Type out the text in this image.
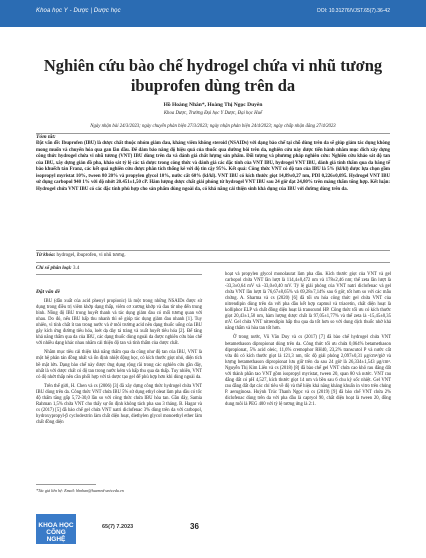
Khoa học Y - Dược | Dược học	DOI: 10.31276/VJST.65(7).36-42
Nghiên cứu bào chế hydrogel chứa vi nhũ tương ibuprofen dùng trên da
Hồ Hoàng Nhân*, Hoàng Thị Ngọc Duyên
Khoa Dược, Trường Đại học Y Dược, Đại học Huế
Ngày nhận bài 24/3/2023; ngày chuyển phản biện 27/3/2023; ngày nhận phản biện 24/4/2023; ngày chấp nhận đăng 27/4/2023
Tóm tắt:
Đặt vấn đề: Ibuprofen (IBU) là dược chất thuộc nhóm giảm đau, kháng viêm không steroid (NSAIDs) với dạng bào chế tại chỗ dùng trên da sẽ giúp giảm tác dụng không mong muốn và chuyển hóa qua gan lần đầu. Để đảm bảo nâng độ hiệu quả của thuốc qua đường bôi trên da, nghiên cứu này được tiến hành nhằm mục đích xây dựng công thức hydrogel chứa vi nhũ tương (VNT) IBU dùng trên da và đánh giá chất lượng sản phẩm. Đối tượng và phương pháp nghiên cứu: Nghiên cứu khảo sát độ tan của IBU, xây dựng giản đồ pha, khảo sát tỷ lệ các tá dược trong công thức và đánh giá các đặc tính của VNT IBU, hydrogel VNT IBU, đánh giá tính thấm qua da bằng tế bào khuếch tán Franz, các kết quả nghiên cứu được phân tích thống kê với độ tin cậy 95%. Kết quả: Công thức VNT có độ tan của IBU là 5% (kl/kl) được lựa chọn gồm isopropyl myristat 10%, tween 80 20% và propylen glycol 10%, nước cất 60% (kl/kl). VNT IBU có kích thước giọt 14,89±0,27 nm, PDI 0,226±0,095. Hydrogel VNT IBU sử dụng carbopol 940 1% với độ nhớt 20.451±1,50 cP. Hàm lượng dược chất giải phóng từ hydrogel VNT IBU sau 24 giờ đạt 24,80% trên màng thấm tổng hợp. Kết luận: Hydrogel chứa VNT IBU có các đặc tính phù hợp cho sản phẩm dùng ngoài da, có khả năng cải thiện sinh khả dụng của IBU với đường dùng trên da.
Từ khóa: hydrogel, ibuprofen, vi nhũ tương.
Chỉ số phân loại: 3.4
Đặt vấn đề

IBU (dẫn xuất của acid phenyl propionic) là một trong những NSAIDs được sử dụng trong điều trị viêm khớp dạng thấp, viêm cơ xương khớp và đau từ nhẹ đến trung bình. Nồng độ IBU trong huyết thanh và tác dụng giảm đau có mối tương quan với nhau. Do đó, nếu IBU hấp thu nhanh thì sẽ giúp tác dụng giảm đau nhanh [1]. Tuy nhiên, vì tính chất ít tan trong nước và ở môi trường acid nên dạng thuốc uống của IBU gây kích ứng đường tiêu hóa, loét dạ dày tá tràng và xuất huyết tiêu hóa [2]. Để tăng khả năng thấm qua da của IBU, các dạng thuốc dùng ngoài da được nghiên cứu bào chế với nhiều dạng khác nhau nhằm cải thiện độ tan và tính thấm của dược chất.

Nhằm mục tiêu cải thiện khả năng thấm qua da cũng như độ tan của IBU, VNT là một hệ phân tán đồng nhất và ổn định nhiệt động học, có kích thước giọt nhỏ, diện tích bề mặt lớn. Dạng bào chế này được ứng dụng rộng rãi trong các nghiên cứu gần đây, nhất là với dược chất có độ tan trong nước kém và hấp thu qua da thấp. Tuy nhiên, VNT có độ nhớt thấp nên cần phối hợp với tá dược tạo gel để phù hợp hơn khi dùng ngoài da.

Trên thế giới, H. Chen và cs (2006) [3] đã xây dựng công thức hydrogel chứa VNT IBU dùng trên da. Công thức VNT chứa IBU 5% sử dụng ethyl oleat làm pha dầu có tốc độ thấm tăng gấp 5,72-30,0 lần so với công thức chứa IBU hòa tan. Gần đây, Samia Rahman 1,5% chứa VNT cho thấy sự ổn định không tách pha sau 3 tháng. B. Hagar và cs (2017) [5] đã bào chế gel chứa VNT natri diclofenac 3% dùng trên da với carbopol, hydroxypropyl-β cyclodextrin làm chất diện hoạt, diethylen glycol monoethyl ether làm chất đồng diện

hoạt và propylen glycol monolaurat làm pha dầu. Kích thước giọt của VNT và gel carbopol chứa VNT lần lượt là 114,4±0,472 nm và 178±2,46 nm; thế zeta lần lượt là -33,3±0,64 mV và -33,0±0,40 mV. Tỷ lệ giải phóng của VNT natri diclofenac và gel chứa VNT lần lượt là 76,67±8,65% và 69,28±7,14% sau 6 giờ, tốt hơn so với các mẫu chứng. A. Sharma và cs (2020) [6] đã tối ưu hóa công thức gel chứa VNT của nitrendipin dùng trên da với pha dầu kết hợp capmul và triacetin, chất diện hoạt là kolliphor ELP và chất đồng diện hoạt là transcutol HP. Công thức tối ưu có kích thước giọt 20,43±1,50 nm, hàm lượng dược chất là 97,05±1,77% và thế zeta là -15,45±0,35 mV. Gel chứa VNT nitrendipin hấp thu qua da tốt hơn so với dung dịch thuốc nhờ khả năng thấm và hòa tan tốt hơn.

Ở trong nước, Vũ Văn Duy và cs (2017) [7] đã bào chế hydrogel chứa VNT betamethason dipropionat dùng trên da. Công thức tối ưu chứa 0,064% betamethason dipropionat, 5% acid oleic, 11,6% cremophor RH40, 23,2% transcutol P và nước cất vừa đủ có kích thước giọt là 121,3 nm, tốc độ giải phóng 2,097±0,31 μg/cm²/giờ và lượng betamethason dipropionat lưu giữ trên da sau 24 giờ là 26,334±1,543 μg/cm². Nguyễn Thị Kim Liên và cs (2018) [8] đã bào chế gel VNT chứa cao khô rau đắng đất với thành phần tao VNT gồm isopropyl myristat, tween 20, span 80 và nước. VNT rau đắng đất có pH 4,527, kích thước giọt 14 nm và bền sau 6 chu kỳ sốc nhiệt. Gel VNT rau đắng đất đạt các chỉ tiêu về độ và thể hiện khả năng kháng khuẩn in vitro trên chủng P. aeruginosa. Huỳnh Trúc Thanh Ngọc và cs (2019) [9] đã bào chế VNT chứa 2% diclofenac dùng trên da với pha dầu là capryol 90, chất diện hoạt là tween 20, đồng dung môi là PEG 400 với tỷ lệ tương ứng là 2:1.

*Tác giả liên hệ: Email: hhnhan@huemed-univ.edu.vn
KHOA HỌC
CÔNG NGHỆ
65(7) 7.2023	36
